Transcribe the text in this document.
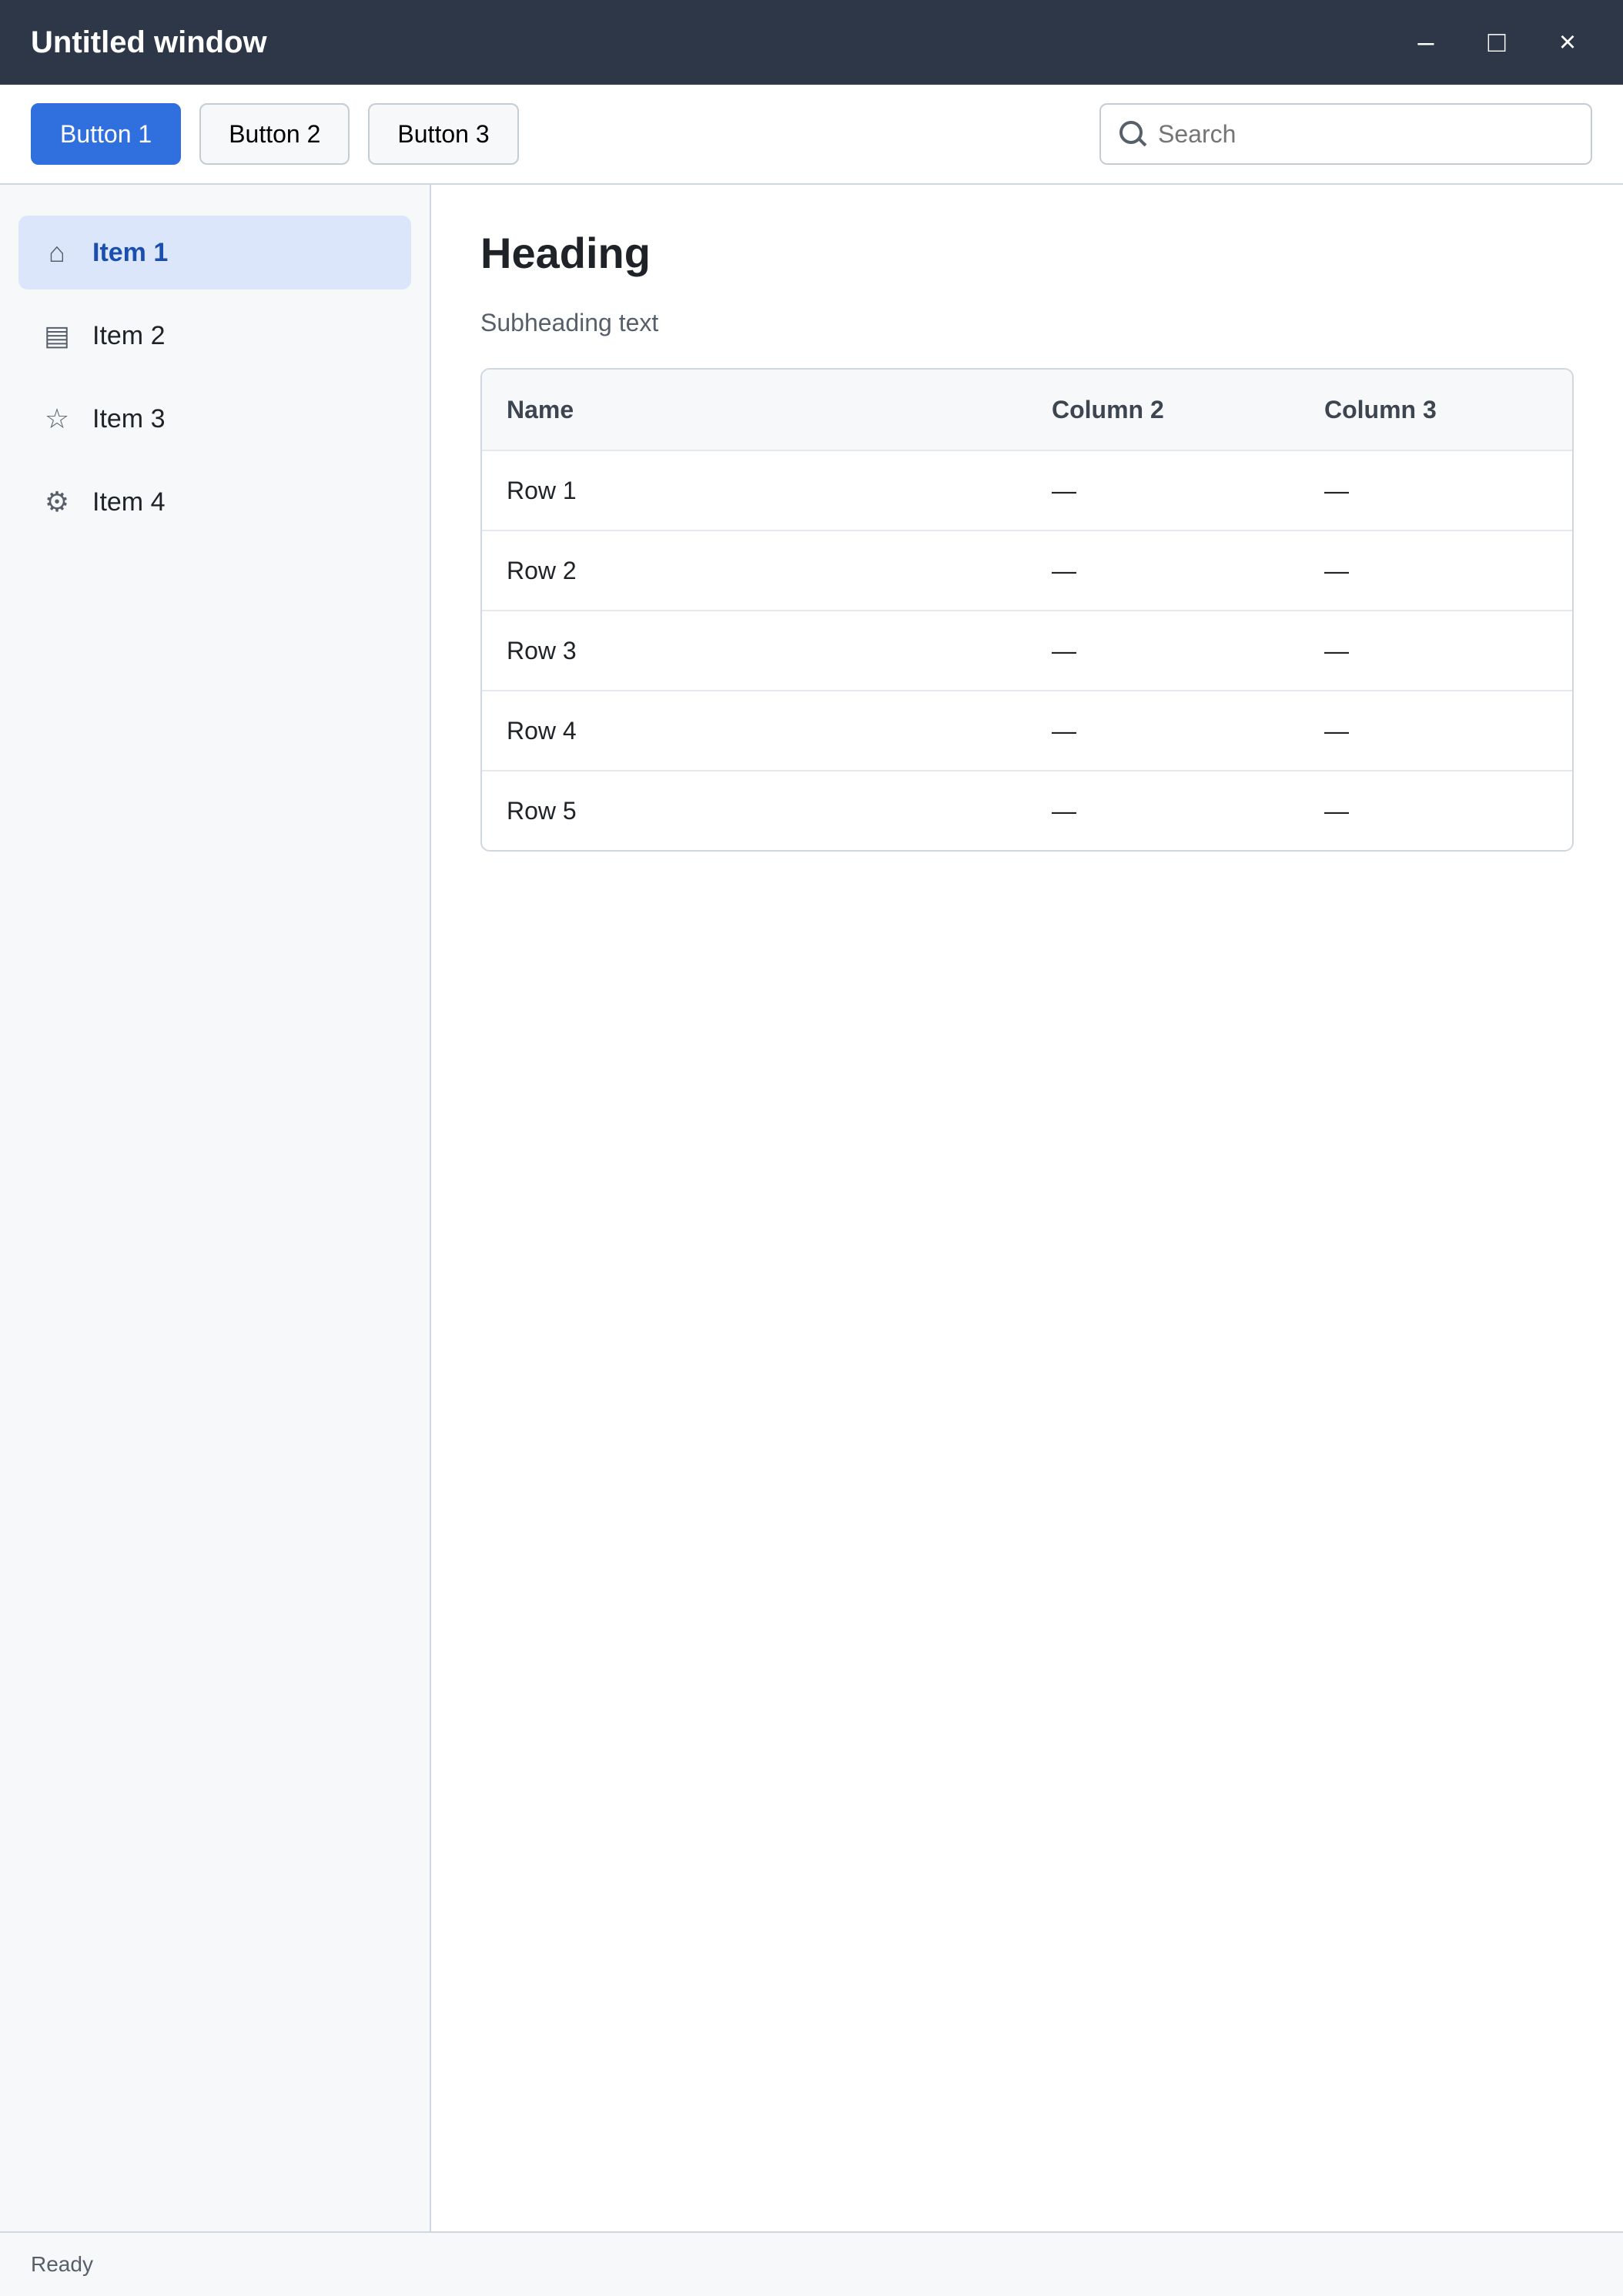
Untitled window	–	□	×
Button 1	Button 2	Button 3
Search
⌂	Item 1
▤ Item 2
☆ Item 3
⚙ Item 4
Heading

Subheading text

Name	Column 2	Column 3
Row 1	—	—
Row 2	—	—
Row 3	—	—
Row 4	—	—
Row 5	—	—
Ready
